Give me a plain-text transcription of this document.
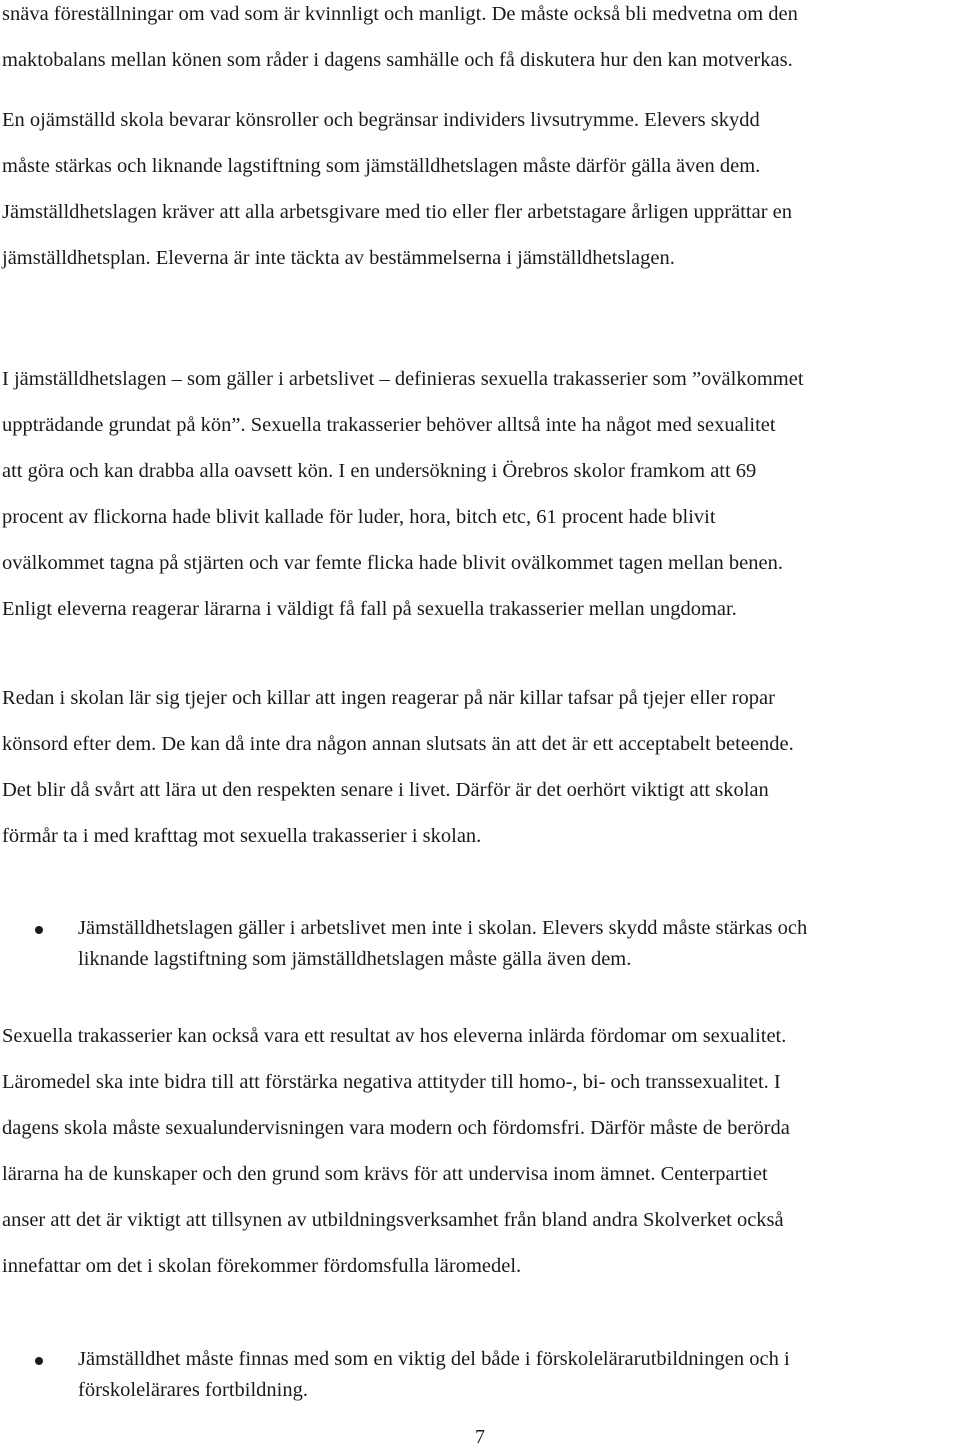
snäva föreställningar om vad som är kvinnligt och manligt. De måste också bli medvetna om den
maktobalans mellan könen som råder i dagens samhälle och få diskutera hur den kan motverkas.

En ojämställd skola bevarar könsroller och begränsar individers livsutrymme. Elevers skydd
måste stärkas och liknande lagstiftning som jämställdhetslagen måste därför gälla även dem.
Jämställdhetslagen kräver att alla arbetsgivare med tio eller fler arbetstagare årligen upprättar en
jämställdhetsplan. Eleverna är inte täckta av bestämmelserna i jämställdhetslagen.

I jämställdhetslagen – som gäller i arbetslivet – definieras sexuella trakasserier som ”ovälkommet
uppträdande grundat på kön”. Sexuella trakasserier behöver alltså inte ha något med sexualitet
att göra och kan drabba alla oavsett kön. I en undersökning i Örebros skolor framkom att 69
procent av flickorna hade blivit kallade för luder, hora, bitch etc, 61 procent hade blivit
ovälkommet tagna på stjärten och var femte flicka hade blivit ovälkommet tagen mellan benen.
Enligt eleverna reagerar lärarna i väldigt få fall på sexuella trakasserier mellan ungdomar.

Redan i skolan lär sig tjejer och killar att ingen reagerar på när killar tafsar på tjejer eller ropar
könsord efter dem. De kan då inte dra någon annan slutsats än att det är ett acceptabelt beteende.
Det blir då svårt att lära ut den respekten senare i livet. Därför är det oerhört viktigt att skolan
förmår ta i med krafttag mot sexuella trakasserier i skolan.

Jämställdhetslagen gäller i arbetslivet men inte i skolan. Elevers skydd måste stärkas och
liknande lagstiftning som jämställdhetslagen måste gälla även dem.

Sexuella trakasserier kan också vara ett resultat av hos eleverna inlärda fördomar om sexualitet.
Läromedel ska inte bidra till att förstärka negativa attityder till homo-, bi- och transsexualitet. I
dagens skola måste sexualundervisningen vara modern och fördomsfri. Därför måste de berörda
lärarna ha de kunskaper och den grund som krävs för att undervisa inom ämnet. Centerpartiet
anser att det är viktigt att tillsynen av utbildningsverksamhet från bland andra Skolverket också
innefattar om det i skolan förekommer fördomsfulla läromedel.

Jämställdhet måste finnas med som en viktig del både i förskolelärarutbildningen och i
förskolelärares fortbildning.
7
